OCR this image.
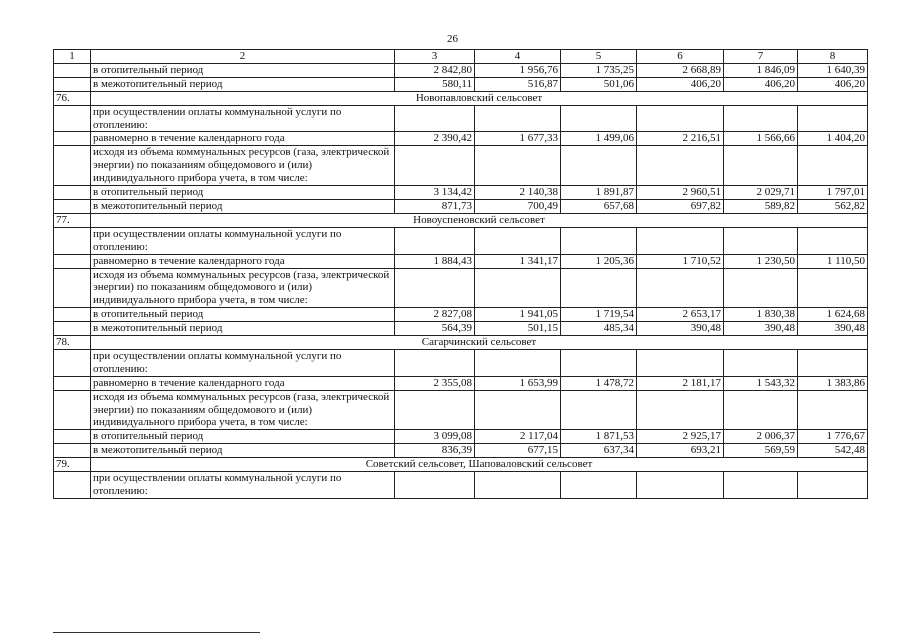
26
1	2	3	4	5	6	7	8
	в отопительный период	2 842,80	1 956,76	1 735,25	2 668,89	1 846,09	1 640,39
	в межотопительный период	580,11	516,87	501,06	406,20	406,20	406,20
76.	Новопавловский сельсовет						
	при осуществлении оплаты коммунальной услуги по отоплению:						
	равномерно в течение календарного года	2 390,42	1 677,33	1 499,06	2 216,51	1 566,66	1 404,20
	исходя из объема коммунальных ресурсов (газа, электрической энергии) по показаниям общедомового и (или) индивидуального прибора учета, в том числе:						
	в отопительный период	3 134,42	2 140,38	1 891,87	2 960,51	2 029,71	1 797,01
	в межотопительный период	871,73	700,49	657,68	697,82	589,82	562,82
77.	Новоуспеновский сельсовет						
	при осуществлении оплаты коммунальной услуги по отоплению:						
	равномерно в течение календарного года	1 884,43	1 341,17	1 205,36	1 710,52	1 230,50	1 110,50
	исходя из объема коммунальных ресурсов (газа, электрической энергии) по показаниям общедомового и (или) индивидуального прибора учета, в том числе:						
	в отопительный период	2 827,08	1 941,05	1 719,54	2 653,17	1 830,38	1 624,68
	в межотопительный период	564,39	501,15	485,34	390,48	390,48	390,48
78.	Сагарчинский сельсовет						
	при осуществлении оплаты коммунальной услуги по отоплению:						
	равномерно в течение календарного года	2 355,08	1 653,99	1 478,72	2 181,17	1 543,32	1 383,86
	исходя из объема коммунальных ресурсов (газа, электрической энергии) по показаниям общедомового и (или) индивидуального прибора учета, в том числе:						
	в отопительный период	3 099,08	2 117,04	1 871,53	2 925,17	2 006,37	1 776,67
	в межотопительный период	836,39	677,15	637,34	693,21	569,59	542,48
79.	Советский сельсовет, Шаповаловский сельсовет						
	при осуществлении оплаты коммунальной услуги по отоплению:						
